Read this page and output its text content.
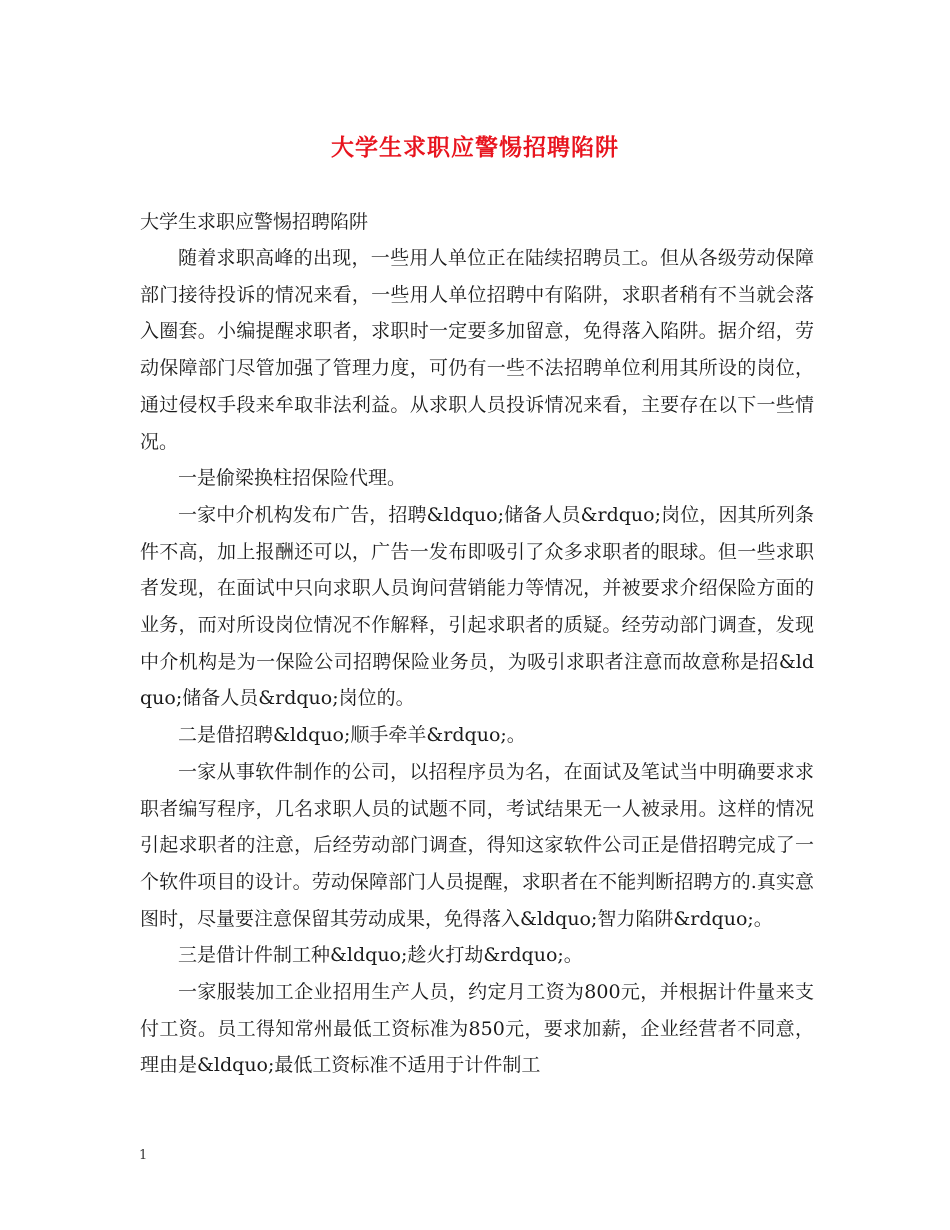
大学生求职应警惕招聘陷阱
大学生求职应警惕招聘陷阱

随着求职高峰的出现，一些用人单位正在陆续招聘员工。但从各级劳动保障部门接待投诉的情况来看，一些用人单位招聘中有陷阱，求职者稍有不当就会落入圈套。小编提醒求职者，求职时一定要多加留意，免得落入陷阱。据介绍，劳动保障部门尽管加强了管理力度，可仍有一些不法招聘单位利用其所设的岗位，通过侵权手段来牟取非法利益。从求职人员投诉情况来看，主要存在以下一些情况。

一是偷梁换柱招保险代理。

一家中介机构发布广告，招聘&ldquo;储备人员&rdquo;岗位，因其所列条件不高，加上报酬还可以，广告一发布即吸引了众多求职者的眼球。但一些求职者发现，在面试中只向求职人员询问营销能力等情况，并被要求介绍保险方面的业务，而对所设岗位情况不作解释，引起求职者的质疑。经劳动部门调查，发现中介机构是为一保险公司招聘保险业务员，为吸引求职者注意而故意称是招&ldquo;储备人员&rdquo;岗位的。

二是借招聘&ldquo;顺手牵羊&rdquo;。

一家从事软件制作的公司，以招程序员为名，在面试及笔试当中明确要求求职者编写程序，几名求职人员的试题不同，考试结果无一人被录用。这样的情况引起求职者的注意，后经劳动部门调查，得知这家软件公司正是借招聘完成了一个软件项目的设计。劳动保障部门人员提醒，求职者在不能判断招聘方的.真实意图时，尽量要注意保留其劳动成果，免得落入&ldquo;智力陷阱&rdquo;。

三是借计件制工种&ldquo;趁火打劫&rdquo;。

一家服装加工企业招用生产人员，约定月工资为800元，并根据计件量来支付工资。员工得知常州最低工资标准为850元，要求加薪，企业经营者不同意，理由是&ldquo;最低工资标准不适用于计件制工

1
